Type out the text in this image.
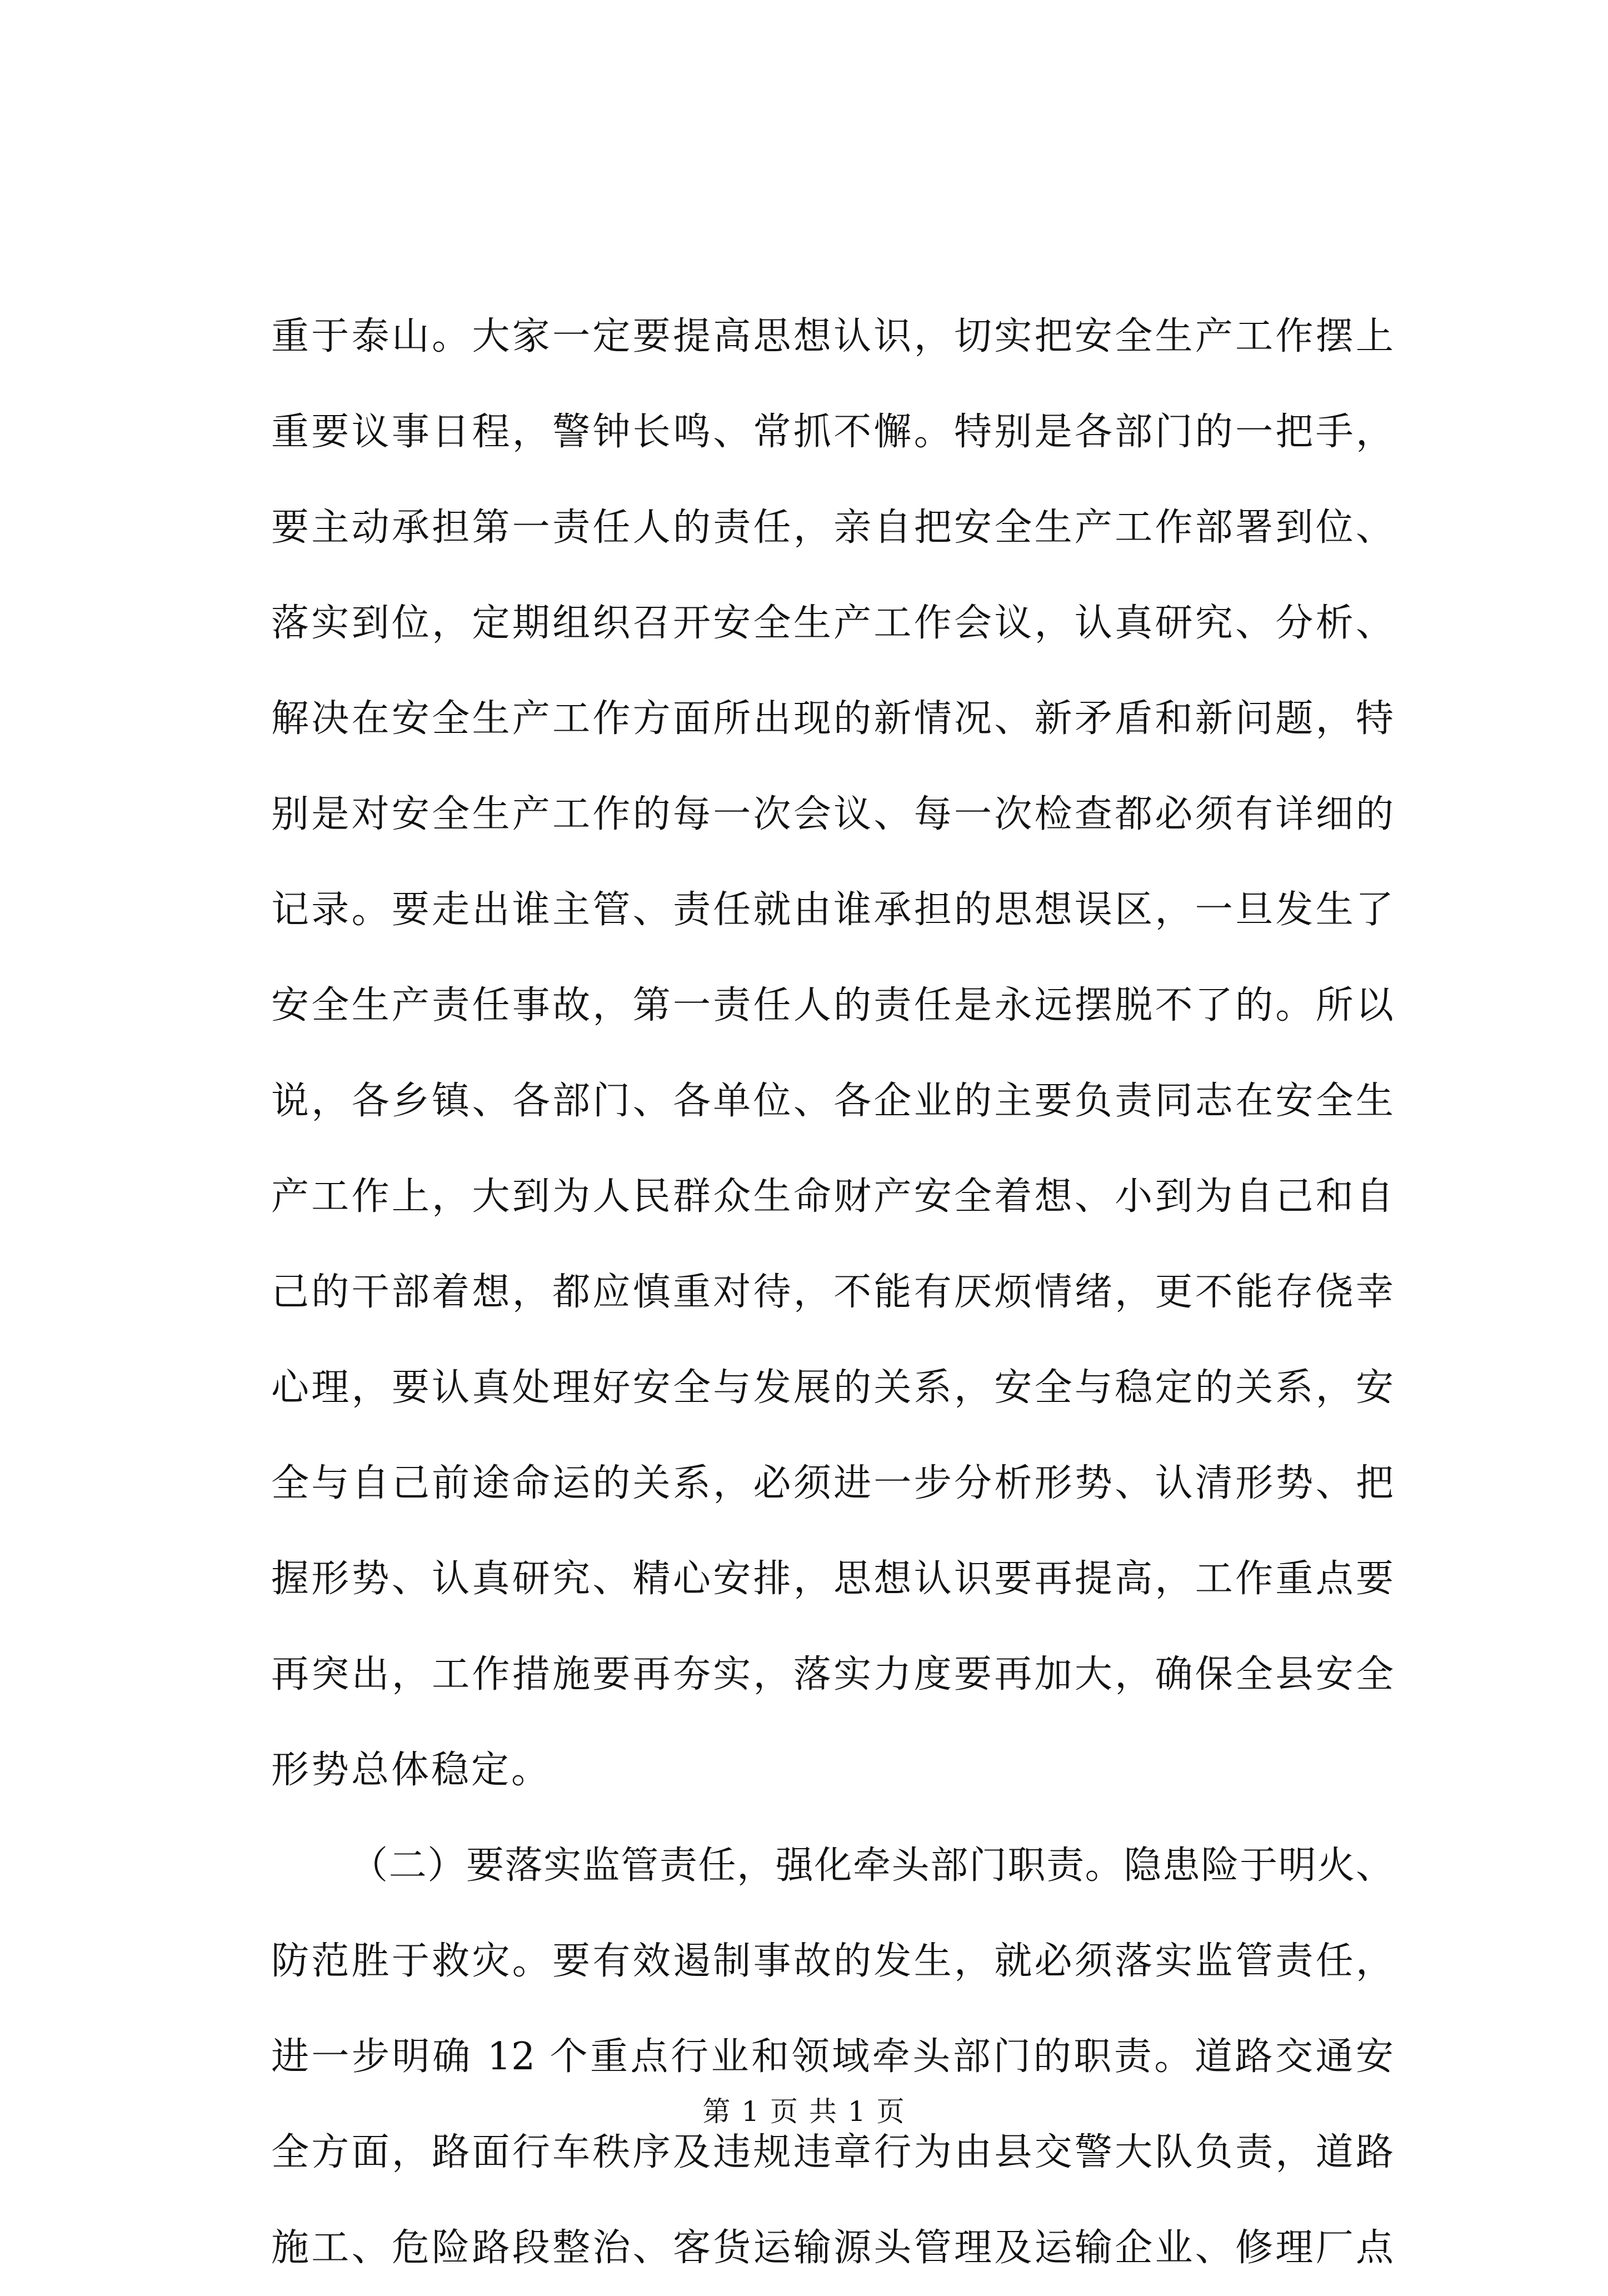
重于泰山。大家一定要提高思想认识，切实把安全生产工作摆上
重要议事日程，警钟长鸣、常抓不懈。特别是各部门的一把手，
要主动承担第一责任人的责任，亲自把安全生产工作部署到位、
落实到位，定期组织召开安全生产工作会议，认真研究、分析、
解决在安全生产工作方面所出现的新情况、新矛盾和新问题，特
别是对安全生产工作的每一次会议、每一次检查都必须有详细的
记录。要走出谁主管、责任就由谁承担的思想误区，一旦发生了
安全生产责任事故，第一责任人的责任是永远摆脱不了的。所以
说，各乡镇、各部门、各单位、各企业的主要负责同志在安全生
产工作上，大到为人民群众生命财产安全着想、小到为自己和自
己的干部着想，都应慎重对待，不能有厌烦情绪，更不能存侥幸
心理，要认真处理好安全与发展的关系，安全与稳定的关系，安
全与自己前途命运的关系，必须进一步分析形势、认清形势、把
握形势、认真研究、精心安排，思想认识要再提高，工作重点要
再突出，工作措施要再夯实，落实力度要再加大，确保全县安全
形势总体稳定。
（二）要落实监管责任，强化牵头部门职责。隐患险于明火、
防范胜于救灾。要有效遏制事故的发生，就必须落实监管责任，
进一步明确 12 个重点行业和领域牵头部门的职责。道路交通安
全方面，路面行车秩序及违规违章行为由县交警大队负责，道路
施工、危险路段整治、客货运输源头管理及运输企业、修理厂点
第 1 页 共 1 页
